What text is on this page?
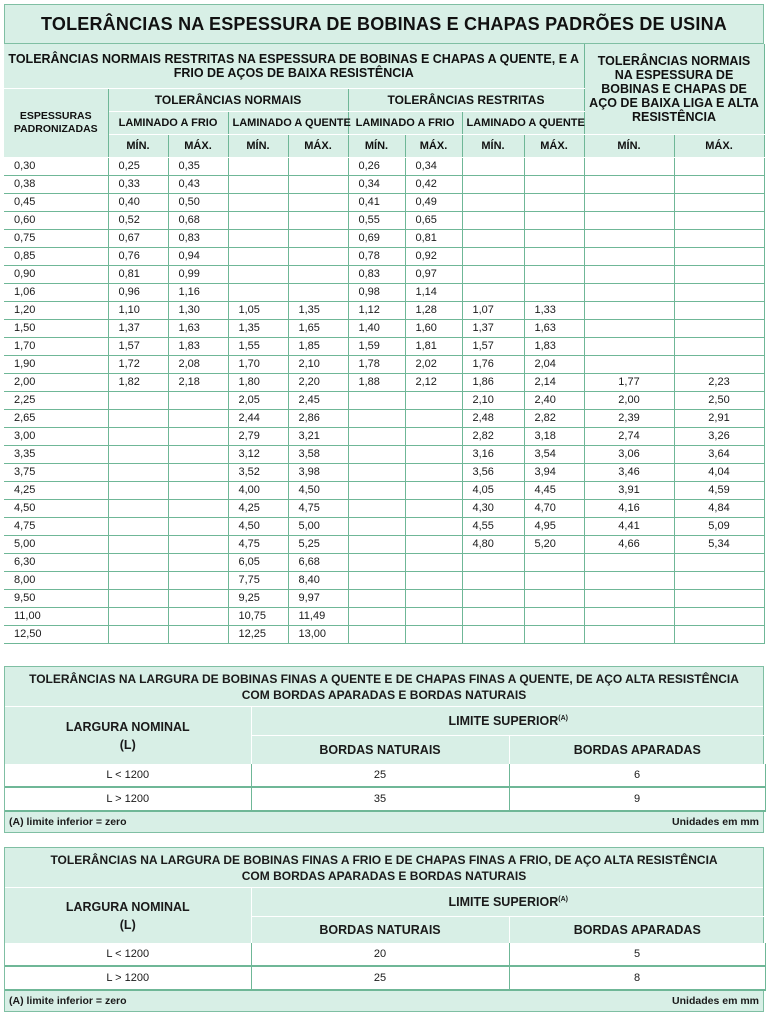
TOLERÂNCIAS NA ESPESSURA DE BOBINAS E CHAPAS PADRÕES DE USINA
TOLERÂNCIAS NORMAIS RESTRITAS NA ESPESSURA DE BOBINAS E CHAPAS A QUENTE, E A FRIO DE AÇOS DE BAIXA RESISTÊNCIA									TOLERÂNCIAS NORMAIS NA ESPESSURA DE BOBINAS E CHAPAS DE AÇO DE BAIXA LIGA E ALTA RESISTÊNCIA	
ESPESSURAS PADRONIZADAS	TOLERÂNCIAS NORMAIS				TOLERÂNCIAS RESTRITAS					
	LAMINADO A FRIO		LAMINADO A QUENTE		LAMINADO A FRIO		LAMINADO A QUENTE			
	MÍN.	MÁX.	MÍN.	MÁX.	MÍN.	MÁX.	MÍN.	MÁX.	MÍN.	MÁX.
0,30	0,25	0,35			0,26	0,34				
0,38	0,33	0,43			0,34	0,42				
0,45	0,40	0,50			0,41	0,49				
0,60	0,52	0,68			0,55	0,65				
0,75	0,67	0,83			0,69	0,81				
0,85	0,76	0,94			0,78	0,92				
0,90	0,81	0,99			0,83	0,97				
1,06	0,96	1,16			0,98	1,14				
1,20	1,10	1,30	1,05	1,35	1,12	1,28	1,07	1,33		
1,50	1,37	1,63	1,35	1,65	1,40	1,60	1,37	1,63		
1,70	1,57	1,83	1,55	1,85	1,59	1,81	1,57	1,83		
1,90	1,72	2,08	1,70	2,10	1,78	2,02	1,76	2,04		
2,00	1,82	2,18	1,80	2,20	1,88	2,12	1,86	2,14	1,77	2,23
2,25			2,05	2,45			2,10	2,40	2,00	2,50
2,65			2,44	2,86			2,48	2,82	2,39	2,91
3,00			2,79	3,21			2,82	3,18	2,74	3,26
3,35			3,12	3,58			3,16	3,54	3,06	3,64
3,75			3,52	3,98			3,56	3,94	3,46	4,04
4,25			4,00	4,50			4,05	4,45	3,91	4,59
4,50			4,25	4,75			4,30	4,70	4,16	4,84
4,75			4,50	5,00			4,55	4,95	4,41	5,09
5,00			4,75	5,25			4,80	5,20	4,66	5,34
6,30			6,05	6,68						
8,00			7,75	8,40						
9,50			9,25	9,97						
11,00			10,75	11,49						
12,50			12,25	13,00						
TOLERÂNCIAS NA LARGURA DE BOBINAS FINAS A QUENTE E DE CHAPAS FINAS A QUENTE, DE AÇO ALTA RESISTÊNCIA
COM BORDAS APARADAS E BORDAS NATURAIS
LARGURA NOMINAL
(L)	LIMITE $SUPERIOR^{(A)}$
	BORDAS NATURAIS	BORDAS APARADAS
L < 1200	25	6
L > 1200	35	9
(A) limite inferior = zero	Unidades em mm
TOLERÂNCIAS NA LARGURA DE BOBINAS FINAS A FRIO E DE CHAPAS FINAS A FRIO, DE AÇO ALTA RESISTÊNCIA
COM BORDAS APARADAS E BORDAS NATURAIS
LARGURA NOMINAL
(L)	LIMITE $SUPERIOR^{(A)}$
	BORDAS NATURAIS	BORDAS APARADAS
L < 1200	20	5
L > 1200	25	8
(A) limite inferior = zero	Unidades em mm
